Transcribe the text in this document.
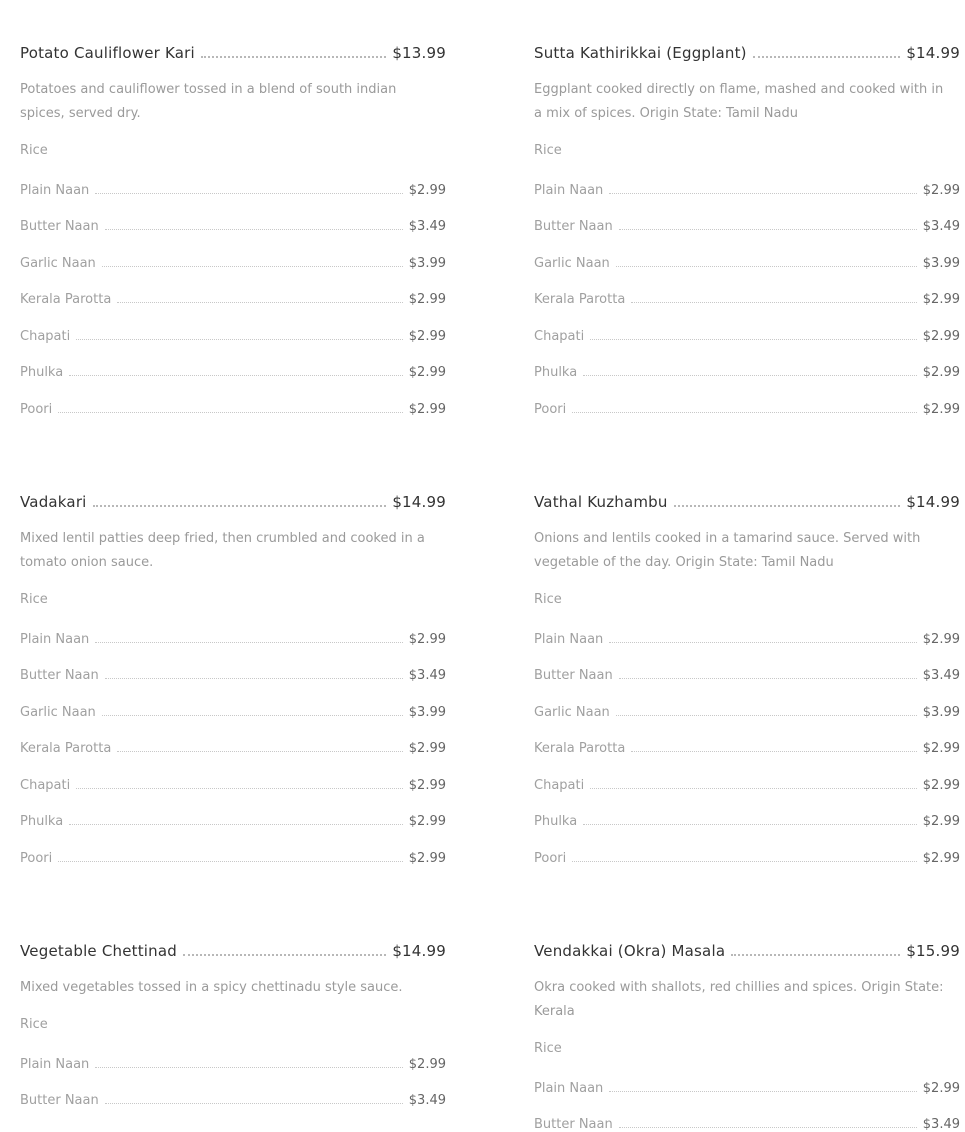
Potato Cauliflower Kari	$13.99
Potatoes and cauliflower tossed in a blend of south indian spices, served dry.
Rice
Plain Naan	$2.99
Butter Naan	$3.49
Garlic Naan	$3.99
Kerala Parotta	$2.99
Chapati	$2.99
Phulka	$2.99
Poori	$2.99
Sutta Kathirikkai (Eggplant)	$14.99
Eggplant cooked directly on flame, mashed and cooked with in a mix of spices. Origin State: Tamil Nadu
Rice
Plain Naan	$2.99
Butter Naan	$3.49
Garlic Naan	$3.99
Kerala Parotta	$2.99
Chapati	$2.99
Phulka	$2.99
Poori	$2.99
Vadakari	$14.99
Mixed lentil patties deep fried, then crumbled and cooked in a tomato onion sauce.
Rice
Plain Naan	$2.99
Butter Naan	$3.49
Garlic Naan	$3.99
Kerala Parotta	$2.99
Chapati	$2.99
Phulka	$2.99
Poori	$2.99
Vathal Kuzhambu	$14.99
Onions and lentils cooked in a tamarind sauce. Served with vegetable of the day. Origin State: Tamil Nadu
Rice
Plain Naan	$2.99
Butter Naan	$3.49
Garlic Naan	$3.99
Kerala Parotta	$2.99
Chapati	$2.99
Phulka	$2.99
Poori	$2.99
Vegetable Chettinad	$14.99
Mixed vegetables tossed in a spicy chettinadu style sauce.
Rice
Plain Naan	$2.99
Butter Naan	$3.49
Vendakkai (Okra) Masala	$15.99
Okra cooked with shallots, red chillies and spices. Origin State: Kerala
Rice
Plain Naan	$2.99
Butter Naan	$3.49
